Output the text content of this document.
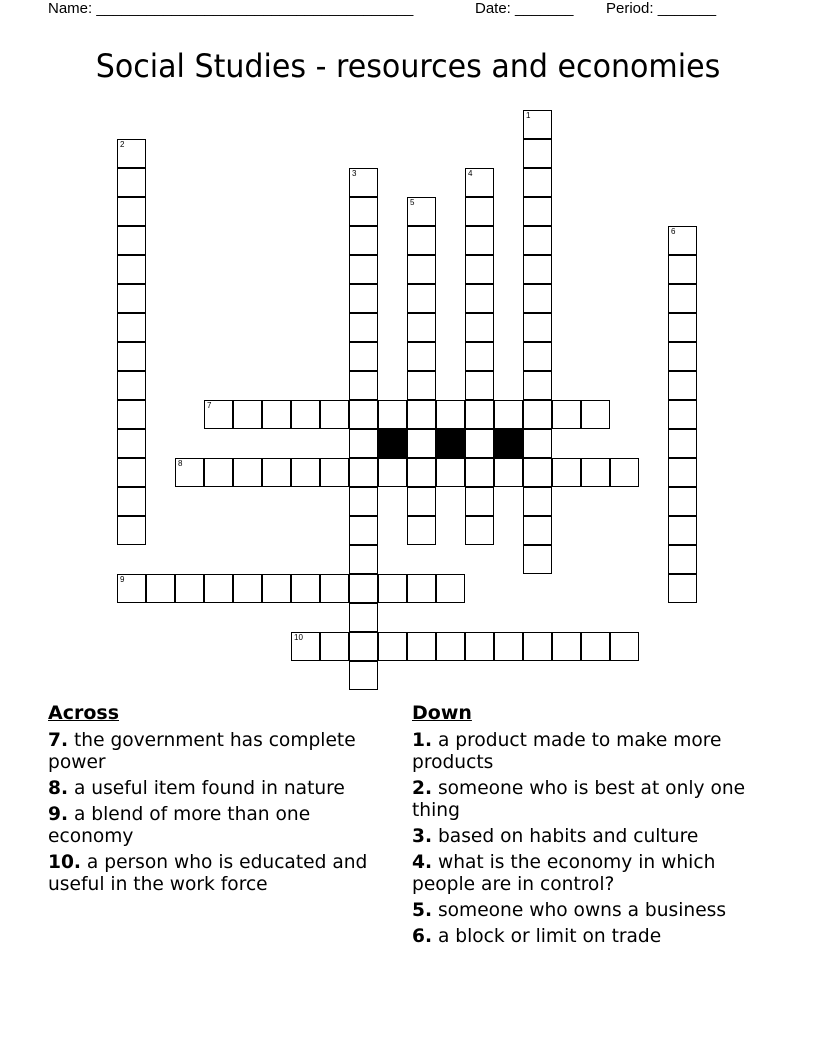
Name: ______________________________________	Date: _______ Period: _______
Social Studies - resources and economies
1
2
3	4
5
6
7
8
9
10
Across
7. the government has complete power
8. a useful item found in nature
9. a blend of more than one economy
10. a person who is educated and useful in the work force
Down
1. a product made to make more products
2. someone who is best at only one thing
3. based on habits and culture
4. what is the economy in which people are in control?
5. someone who owns a business
6. a block or limit on trade
